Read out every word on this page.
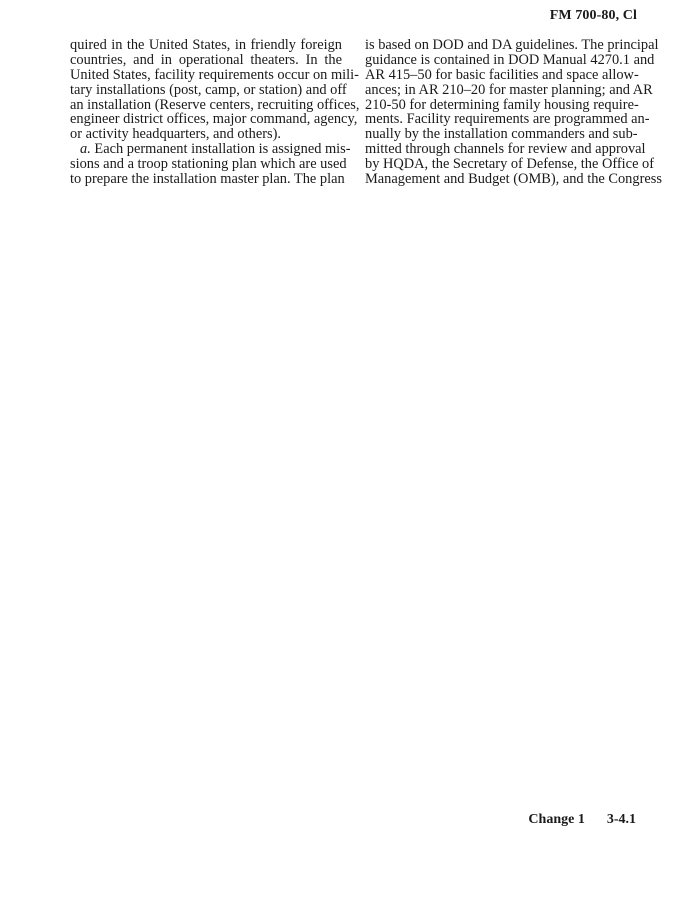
FM 700-80, Cl
quired in the United States, in friendly foreign
countries, and in operational theaters. In the
United States, facility requirements occur on mili-
tary installations (post, camp, or station) and off
an installation (Reserve centers, recruiting offices,
engineer district offices, major command, agency,
or activity headquarters, and others).
a. Each permanent installation is assigned mis-
sions and a troop stationing plan which are used
to prepare the installation master plan. The plan
is based on DOD and DA guidelines. The principal
guidance is contained in DOD Manual 4270.1 and
AR 415–50 for basic facilities and space allow-
ances; in AR 210–20 for master planning; and AR
210-50 for determining family housing require-
ments. Facility requirements are programmed an-
nually by the installation commanders and sub-
mitted through channels for review and approval
by HQDA, the Secretary of Defense, the Office of
Management and Budget (OMB), and the Congress
Change 1 3-4.1
